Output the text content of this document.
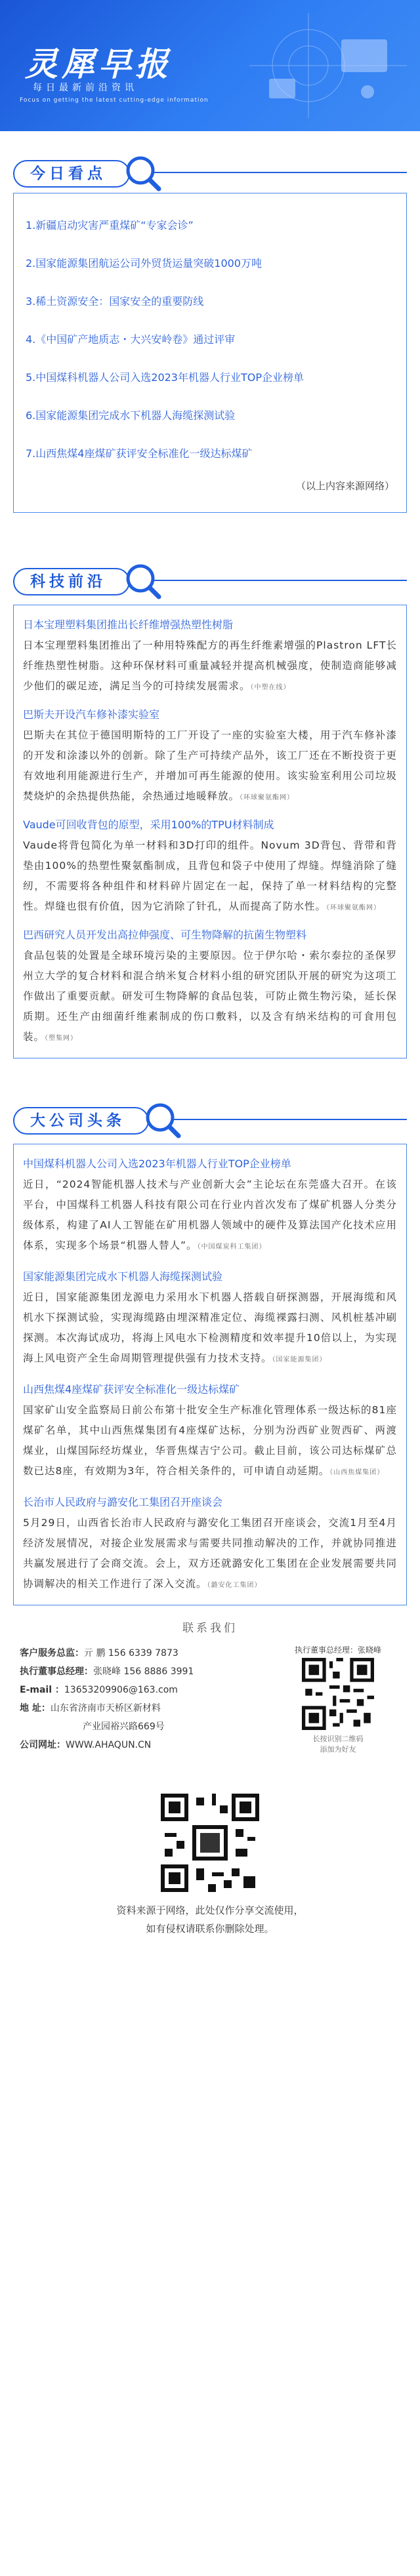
灵犀早报
每日最新前沿资讯
Focus on getting the latest cutting-edge information
今日看点
1.新疆启动灾害严重煤矿“专家会诊”
2.国家能源集团航运公司外贸货运量突破1000万吨
3.稀土资源安全：国家安全的重要防线
4.《中国矿产地质志・大兴安岭卷》通过评审
5.中国煤科机器人公司入选2023年机器人行业TOP企业榜单
6.国家能源集团完成水下机器人海缆探测试验
7.山西焦煤4座煤矿获评安全标准化一级达标煤矿
（以上内容来源网络）
科技前沿
日本宝理塑料集团推出长纤维增强热塑性树脂
日本宝理塑料集团推出了一种用特殊配方的再生纤维素增强的Plastron LFT长纤维热塑性树脂。这种环保材料可重量减轻并提高机械强度，使制造商能够减少他们的碳足迹，满足当今的可持续发展需求。（中塑在线）
巴斯夫开设汽车修补漆实验室
巴斯夫在其位于德国明斯特的工厂开设了一座的实验室大楼，用于汽车修补漆的开发和涂漆以外的创新。除了生产可持续产品外，该工厂还在不断投资于更有效地利用能源进行生产，并增加可再生能源的使用。该实验室利用公司垃圾焚烧炉的余热提供热能，余热通过地暖释放。（环球聚氨酯网）
Vaude可回收背包的原型，采用100%的TPU材料制成
Vaude将背包简化为单一材料和3D打印的组件。Novum 3D背包、背带和背垫由100%的热塑性聚氨酯制成，且背包和袋子中使用了焊缝。焊缝消除了缝纫，不需要将各种组件和材料碎片固定在一起，保持了单一材料结构的完整性。焊缝也很有价值，因为它消除了针孔，从而提高了防水性。（环球聚氨酯网）
巴西研究人员开发出高拉伸强度、可生物降解的抗菌生物塑料
食品包装的处置是全球环境污染的主要原因。位于伊尔哈・索尔泰拉的圣保罗州立大学的复合材料和混合纳米复合材料小组的研究团队开展的研究为这项工作做出了重要贡献。研发可生物降解的食品包装，可防止微生物污染，延长保质期。还生产由细菌纤维素制成的伤口敷料，以及含有纳米结构的可食用包装。（塑集网）
大公司头条
中国煤科机器人公司入选2023年机器人行业TOP企业榜单
近日，“2024智能机器人技术与产业创新大会”主论坛在东莞盛大召开。在该平台，中国煤科工机器人科技有限公司在行业内首次发布了煤矿机器人分类分级体系，构建了AI人工智能在矿用机器人领域中的硬件及算法国产化技术应用体系，实现多个场景“机器人替人”。（中国煤炭科工集团）
国家能源集团完成水下机器人海缆探测试验
近日，国家能源集团龙源电力采用水下机器人搭载自研探测器，开展海缆和风机水下探测试验，实现海缆路由埋深精准定位、海缆裸露扫测、风机桩基冲刷探测。本次海试成功，将海上风电水下检测精度和效率提升10倍以上，为实现海上风电资产全生命周期管理提供强有力技术支持。（国家能源集团）
山西焦煤4座煤矿获评安全标准化一级达标煤矿
国家矿山安全监察局日前公布第十批安全生产标准化管理体系一级达标的81座煤矿名单，其中山西焦煤集团有4座煤矿达标，分别为汾西矿业贺西矿、两渡煤业，山煤国际经坊煤业，华晋焦煤吉宁公司。截止目前，该公司达标煤矿总数已达8座，有效期为3年，符合相关条件的，可申请自动延期。（山西焦煤集团）
长治市人民政府与潞安化工集团召开座谈会
5月29日，山西省长治市人民政府与潞安化工集团召开座谈会，交流1月至4月经济发展情况，对接企业发展需求与需要共同推动解决的工作，并就协同推进共赢发展进行了会商交流。会上，双方还就潞安化工集团在企业发展需要共同协调解决的相关工作进行了深入交流。（潞安化工集团）
联系我们
客户服务总监：亓 鹏 156 6339 7873
执行董事总经理：张晓峰 156 8886 3991
E-mail ：13653209906@163.com
地 址：山东省济南市天桥区新材料
产业园裕兴路669号
公司网址：WWW.AHAQUN.CN
执行董事总经理：张晓峰
长按识别二维码
添加为好友
资料来源于网络，此处仅作分享交流使用，
如有侵权请联系你删除处理。
